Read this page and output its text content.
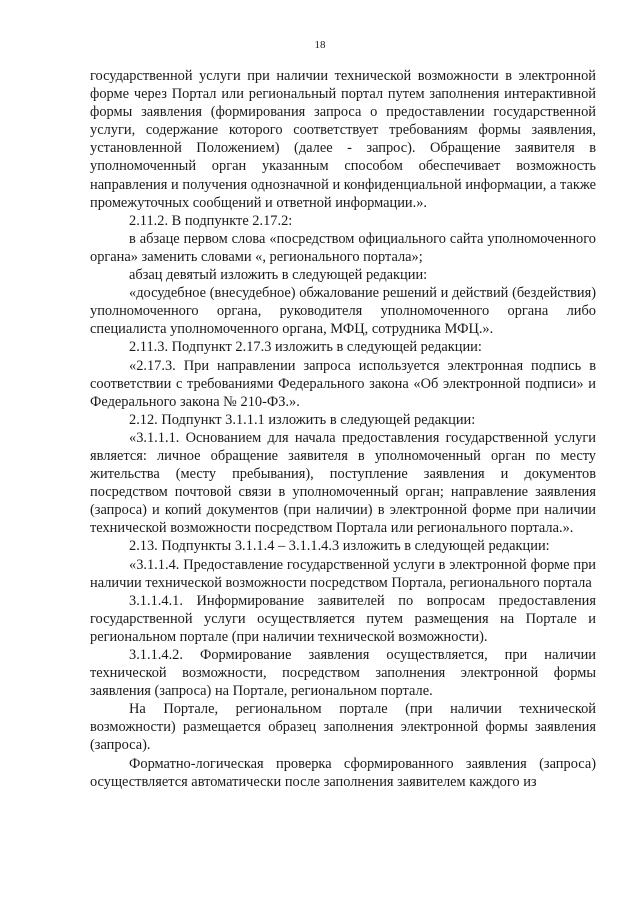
18

государственной услуги при наличии технической возможности в электронной форме через Портал или региональный портал путем заполнения интерактивной формы заявления (формирования запроса о предоставлении государственной услуги, содержание которого соответствует требованиям формы заявления, установленной Положением) (далее - запрос). Обращение заявителя в уполномоченный орган указанным способом обеспечивает возможность направления и получения однозначной и конфиденциальной информации, а также промежуточных сообщений и ответной информации.».

2.11.2. В подпункте 2.17.2:

в абзаце первом слова «посредством официального сайта уполномоченного органа» заменить словами «, регионального портала»;

абзац девятый изложить в следующей редакции:

«досудебное (внесудебное) обжалование решений и действий (бездействия) уполномоченного органа, руководителя уполномоченного органа либо специалиста уполномоченного органа, МФЦ, сотрудника МФЦ.».

2.11.3. Подпункт 2.17.3 изложить в следующей редакции:

«2.17.3. При направлении запроса используется электронная подпись в соответствии с требованиями Федерального закона «Об электронной подписи» и Федерального закона № 210-ФЗ.».

2.12. Подпункт 3.1.1.1 изложить в следующей редакции:

«3.1.1.1. Основанием для начала предоставления государственной услуги является: личное обращение заявителя в уполномоченный орган по месту жительства (месту пребывания), поступление заявления и документов посредством почтовой связи в уполномоченный орган; направление заявления (запроса) и копий документов (при наличии) в электронной форме при наличии технической возможности посредством Портала или регионального портала.».

2.13. Подпункты 3.1.1.4 – 3.1.1.4.3 изложить в следующей редакции:

«3.1.1.4. Предоставление государственной услуги в электронной форме при наличии технической возможности посредством Портала, регионального портала

3.1.1.4.1. Информирование заявителей по вопросам предоставления государственной услуги осуществляется путем размещения на Портале и региональном портале (при наличии технической возможности).

3.1.1.4.2. Формирование заявления осуществляется, при наличии технической возможности, посредством заполнения электронной формы заявления (запроса) на Портале, региональном портале.

На Портале, региональном портале (при наличии технической возможности) размещается образец заполнения электронной формы заявления (запроса).

Форматно-логическая проверка сформированного заявления (запроса) осуществляется автоматически после заполнения заявителем каждого из
